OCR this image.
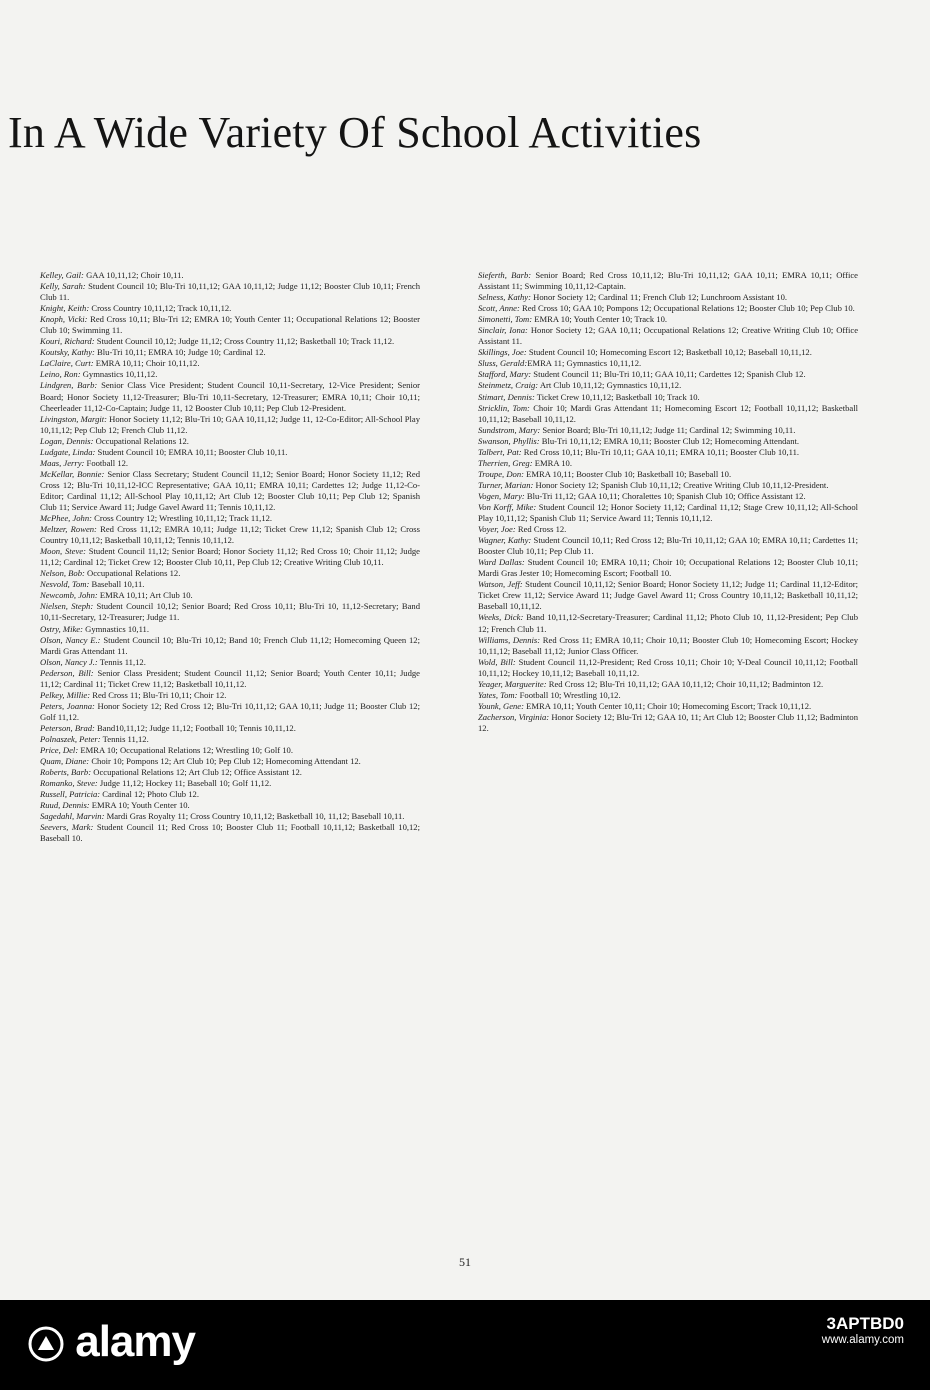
In A Wide Variety Of School Activities

Kelley, Gail: GAA 10,11,12; Choir 10,11.

Kelly, Sarah: Student Council 10; Blu-Tri 10,11,12; GAA 10,11,12; Judge 11,12; Booster Club 10,11; French Club 11.

Knight, Keith: Cross Country 10,11,12; Track 10,11,12.

Knoph, Vicki: Red Cross 10,11; Blu-Tri 12; EMRA 10; Youth Center 11; Occupational Relations 12; Booster Club 10; Swimming 11.

Kouri, Richard: Student Council 10,12; Judge 11,12; Cross Country 11,12; Basketball 10; Track 11,12.

Koutsky, Kathy: Blu-Tri 10,11; EMRA 10; Judge 10; Cardinal 12.

LaClaire, Curt: EMRA 10,11; Choir 10,11,12.

Leino, Ron: Gymnastics 10,11,12.

Lindgren, Barb: Senior Class Vice President; Student Council 10,11-Secretary, 12-Vice President; Senior Board; Honor Society 11,12-Treasurer; Blu-Tri 10,11-Secretary, 12-Treasurer; EMRA 10,11; Choir 10,11; Cheerleader 11,12-Co-Captain; Judge 11, 12 Booster Club 10,11; Pep Club 12-President.

Livingston, Margit: Honor Society 11,12; Blu-Tri 10; GAA 10,11,12; Judge 11, 12-Co-Editor; All-School Play 10,11,12; Pep Club 12; French Club 11,12.

Logan, Dennis: Occupational Relations 12.

Ludgate, Linda: Student Council 10; EMRA 10,11; Booster Club 10,11.

Maas, Jerry: Football 12.

McKellar, Bonnie: Senior Class Secretary; Student Council 11,12; Senior Board; Honor Society 11,12; Red Cross 12; Blu-Tri 10,11,12-ICC Representative; GAA 10,11; EMRA 10,11; Cardettes 12; Judge 11,12-Co-Editor; Cardinal 11,12; All-School Play 10,11,12; Art Club 12; Booster Club 10,11; Pep Club 12; Spanish Club 11; Service Award 11; Judge Gavel Award 11; Tennis 10,11,12.

McPhee, John: Cross Country 12; Wrestling 10,11,12; Track 11,12.

Meltzer, Rowen: Red Cross 11,12; EMRA 10,11; Judge 11,12; Ticket Crew 11,12; Spanish Club 12; Cross Country 10,11,12; Basketball 10,11,12; Tennis 10,11,12.

Moon, Steve: Student Council 11,12; Senior Board; Honor Society 11,12; Red Cross 10; Choir 11,12; Judge 11,12; Cardinal 12; Ticket Crew 12; Booster Club 10,11, Pep Club 12; Creative Writing Club 10,11.

Nelson, Bob: Occupational Relations 12.

Nesvold, Tom: Baseball 10,11.

Newcomb, John: EMRA 10,11; Art Club 10.

Nielsen, Steph: Student Council 10,12; Senior Board; Red Cross 10,11; Blu-Tri 10, 11,12-Secretary; Band 10,11-Secretary, 12-Treasurer; Judge 11.

Ostry, Mike: Gymnastics 10,11.

Olson, Nancy E.: Student Council 10; Blu-Tri 10,12; Band 10; French Club 11,12; Homecoming Queen 12; Mardi Gras Attendant 11.

Olson, Nancy J.: Tennis 11,12.

Pederson, Bill: Senior Class President; Student Council 11,12; Senior Board; Youth Center 10,11; Judge 11,12; Cardinal 11; Ticket Crew 11,12; Basketball 10,11,12.

Pelkey, Millie: Red Cross 11; Blu-Tri 10,11; Choir 12.

Peters, Joanna: Honor Society 12; Red Cross 12; Blu-Tri 10,11,12; GAA 10,11; Judge 11; Booster Club 12; Golf 11,12.

Peterson, Brad: Band10,11,12; Judge 11,12; Football 10; Tennis 10,11,12.

Polnaszek, Peter: Tennis 11,12.

Price, Del: EMRA 10; Occupational Relations 12; Wrestling 10; Golf 10.

Quam, Diane: Choir 10; Pompons 12; Art Club 10; Pep Club 12; Homecoming Attendant 12.

Roberts, Barb: Occupational Relations 12; Art Club 12; Office Assistant 12.

Romanko, Steve: Judge 11,12; Hockey 11; Baseball 10; Golf 11,12.

Russell, Patricia: Cardinal 12; Photo Club 12.

Ruud, Dennis: EMRA 10; Youth Center 10.

Sagedahl, Marvin: Mardi Gras Royalty 11; Cross Country 10,11,12; Basketball 10, 11,12; Baseball 10,11.

Seevers, Mark: Student Council 11; Red Cross 10; Booster Club 11; Football 10,11,12; Basketball 10,12; Baseball 10.

Sieferth, Barb: Senior Board; Red Cross 10,11,12; Blu-Tri 10,11,12; GAA 10,11; EMRA 10,11; Office Assistant 11; Swimming 10,11,12-Captain.

Selness, Kathy: Honor Society 12; Cardinal 11; French Club 12; Lunchroom Assistant 10.

Scott, Anne: Red Cross 10; GAA 10; Pompons 12; Occupational Relations 12; Booster Club 10; Pep Club 10.

Simonetti, Tom: EMRA 10; Youth Center 10; Track 10.

Sinclair, Iona: Honor Society 12; GAA 10,11; Occupational Relations 12; Creative Writing Club 10; Office Assistant 11.

Skillings, Joe: Student Council 10; Homecoming Escort 12; Basketball 10,12; Baseball 10,11,12.

Sluss, Gerald:EMRA 11; Gymnastics 10,11,12.

Stafford, Mary: Student Council 11; Blu-Tri 10,11; GAA 10,11; Cardettes 12; Spanish Club 12.

Steinmetz, Craig: Art Club 10,11,12; Gymnastics 10,11,12.

Stimart, Dennis: Ticket Crew 10,11,12; Basketball 10; Track 10.

Stricklin, Tom: Choir 10; Mardi Gras Attendant 11; Homecoming Escort 12; Football 10,11,12; Basketball 10,11,12; Baseball 10,11,12.

Sundstrom, Mary: Senior Board; Blu-Tri 10,11,12; Judge 11; Cardinal 12; Swimming 10,11.

Swanson, Phyllis: Blu-Tri 10,11,12; EMRA 10,11; Booster Club 12; Homecoming Attendant.

Talbert, Pat: Red Cross 10,11; Blu-Tri 10,11; GAA 10,11; EMRA 10,11; Booster Club 10,11.

Therrien, Greg: EMRA 10.

Troupe, Don: EMRA 10,11; Booster Club 10; Basketball 10; Baseball 10.

Turner, Marian: Honor Society 12; Spanish Club 10,11,12; Creative Writing Club 10,11,12-President.

Vogen, Mary: Blu-Tri 11,12; GAA 10,11; Choralettes 10; Spanish Club 10; Office Assistant 12.

Von Korff, Mike: Student Council 12; Honor Society 11,12; Cardinal 11,12; Stage Crew 10,11,12; All-School Play 10,11,12; Spanish Club 11; Service Award 11; Tennis 10,11,12.

Voyer, Joe: Red Cross 12.

Wagner, Kathy: Student Council 10,11; Red Cross 12; Blu-Tri 10,11,12; GAA 10; EMRA 10,11; Cardettes 11; Booster Club 10,11; Pep Club 11.

Ward Dallas: Student Council 10; EMRA 10,11; Choir 10; Occupational Relations 12; Booster Club 10,11; Mardi Gras Jester 10; Homecoming Escort; Football 10.

Watson, Jeff: Student Council 10,11,12; Senior Board; Honor Society 11,12; Judge 11; Cardinal 11,12-Editor; Ticket Crew 11,12; Service Award 11; Judge Gavel Award 11; Cross Country 10,11,12; Basketball 10,11,12; Baseball 10,11,12.

Weeks, Dick: Band 10,11,12-Secretary-Treasurer; Cardinal 11,12; Photo Club 10, 11,12-President; Pep Club 12; French Club 11.

Williams, Dennis: Red Cross 11; EMRA 10,11; Choir 10,11; Booster Club 10; Homecoming Escort; Hockey 10,11,12; Baseball 11,12; Junior Class Officer.

Wold, Bill: Student Council 11,12-President; Red Cross 10,11; Choir 10; Y-Deal Council 10,11,12; Football 10,11,12; Hockey 10,11,12; Baseball 10,11,12.

Yeager, Marguerite: Red Cross 12; Blu-Tri 10,11,12; GAA 10,11,12; Choir 10,11,12; Badminton 12.

Yates, Tom: Football 10; Wrestling 10,12.

Younk, Gene: EMRA 10,11; Youth Center 10,11; Choir 10; Homecoming Escort; Track 10,11,12.

Zacherson, Virginia: Honor Society 12; Blu-Tri 12; GAA 10, 11; Art Club 12; Booster Club 11,12; Badminton 12.

51
alamy	3APTBD0
www.alamy.com
